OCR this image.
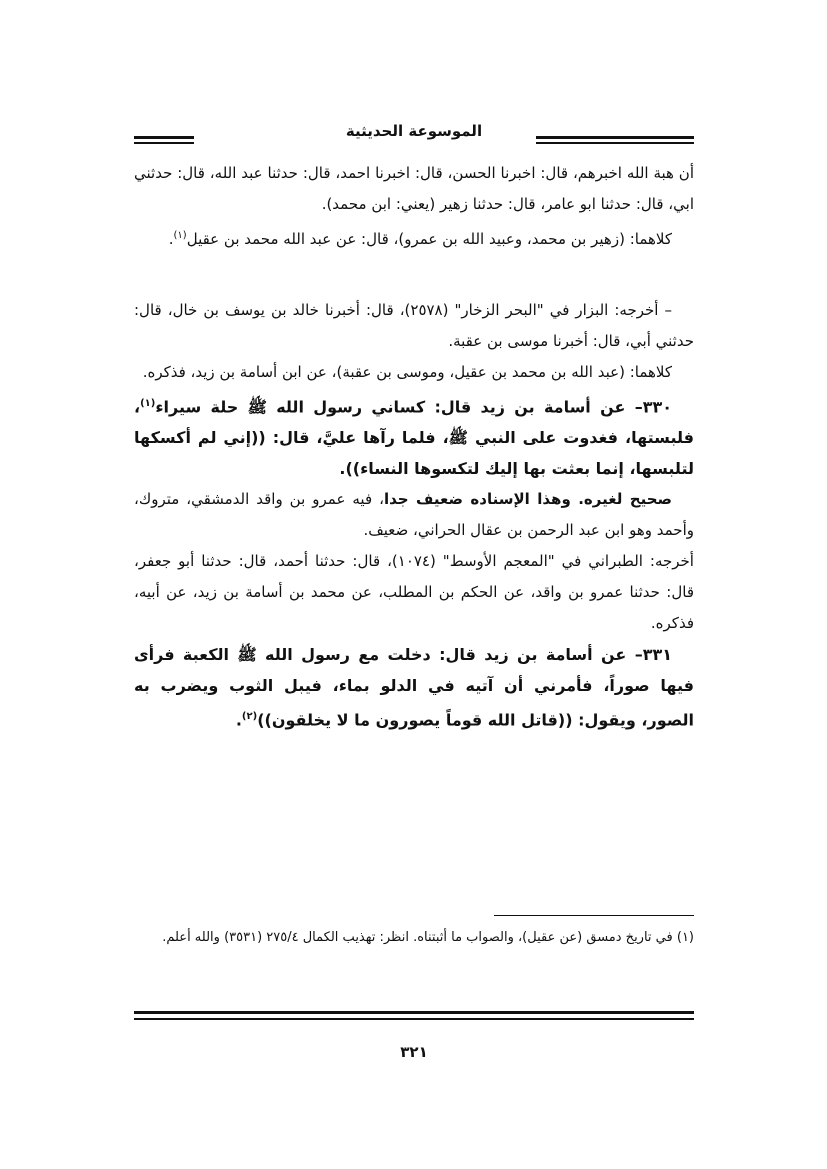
الموسوعة الحديثية

أن هبة الله اخبرهم، قال: اخبرنا الحسن، قال: اخبرنا احمد، قال: حدثنا عبد الله، قال: حدثني ابي، قال: حدثنا ابو عامر، قال: حدثنا زهير (يعني: ابن محمد).

كلاهما: (زهير بن محمد، وعبيد الله بن عمرو)، قال: عن عبد الله محمد بن عقيل$^{(١)}$.

– أخرجه: البزار في "البحر الزخار" (٢٥٧٨)، قال: أخبرنا خالد بن يوسف بن خال، قال: حدثني أبي، قال: أخبرنا موسى بن عقبة.

كلاهما: (عبد الله بن محمد بن عقيل، وموسى بن عقبة)، عن ابن أسامة بن زيد، فذكره.

٣٣٠– عن أسامة بن زيد قال: كساني رسول الله ﷺ حلة سيراء$^{(١)}$، فلبستها، فغدوت على النبي ﷺ، فلما رآها عليَّ، قال: ((إني لم أكسكها لتلبسها، إنما بعثت بها إليك لتكسوها النساء)).

صحيح لغيره. وهذا الإسناده ضعيف جدا، فيه عمرو بن واقد الدمشقي، متروك، وأحمد وهو ابن عبد الرحمن بن عقال الحراني، ضعيف.

أخرجه: الطبراني في "المعجم الأوسط" (١٠٧٤)، قال: حدثنا أحمد، قال: حدثنا أبو جعفر، قال: حدثنا عمرو بن واقد، عن الحكم بن المطلب، عن محمد بن أسامة بن زيد، عن أبيه، فذكره.

٣٣١– عن أسامة بن زيد قال: دخلت مع رسول الله ﷺ الكعبة فرأى فيها صوراً، فأمرني أن آتيه في الدلو بماء، فيبل الثوب ويضرب به الصور، ويقول: ((قاتل الله قوماً يصورون ما لا يخلقون))$^{(٢)}$.

(١) في تاريخ دمسق (عن عقيل)، والصواب ما أثبتناه. انظر: تهذيب الكمال ٢٧٥/٤ (٣٥٣١) والله أعلم.
٣٢١
